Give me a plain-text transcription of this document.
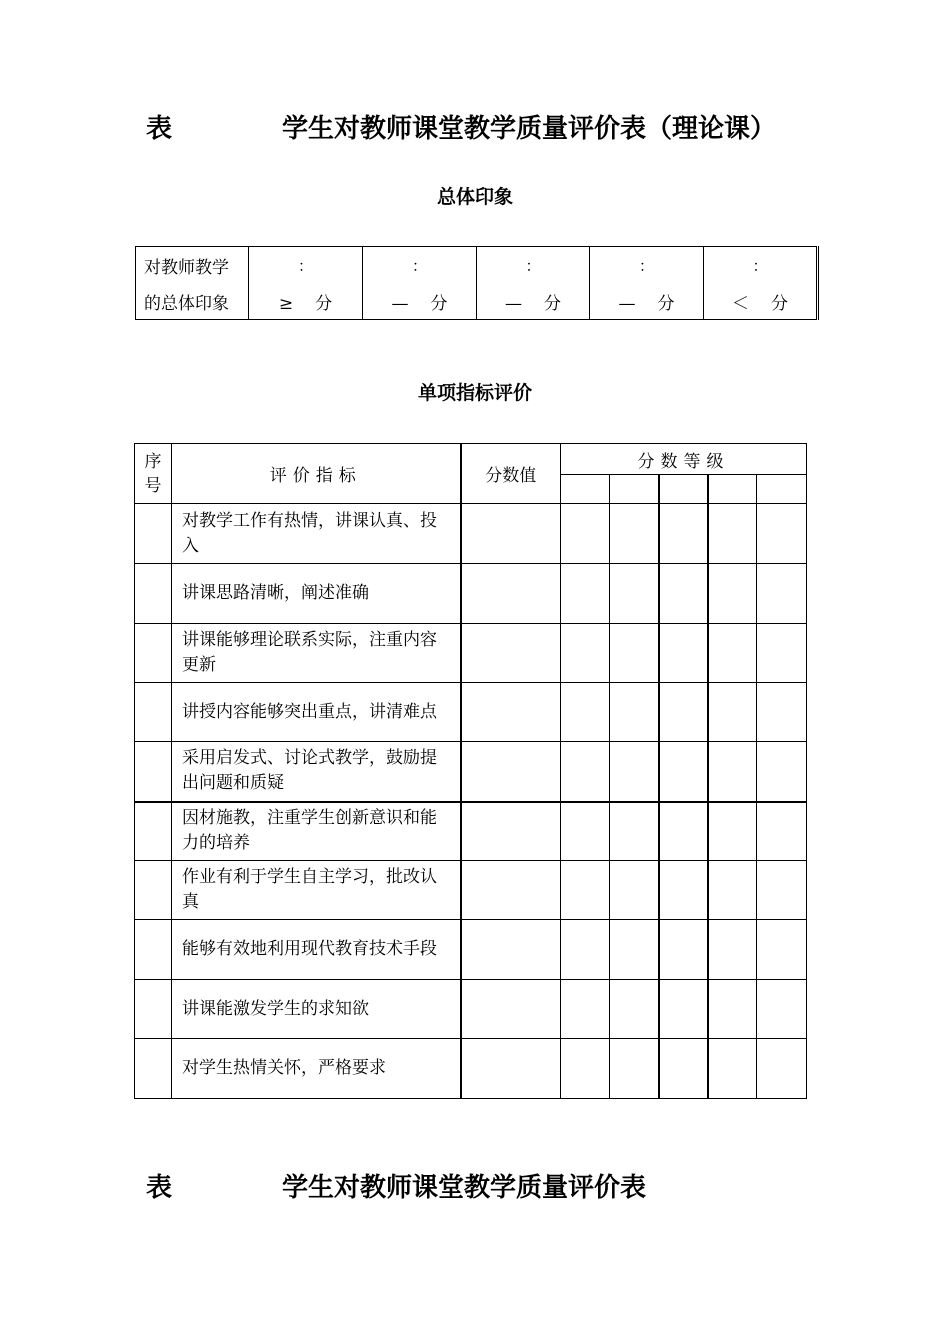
表	学生对教师课堂教学质量评价表（理论课）
总体印象
对教师教学	：	：	：	：	：
的总体印象	≥ 分	— 分	— 分	— 分	＜ 分
单项指标评价
序
号	评价指标	分数值	分数等级				

	对教学工作有热情，讲课认真、投入						
	讲课思路清晰，阐述准确						
	讲课能够理论联系实际，注重内容更新						
	讲授内容能够突出重点，讲清难点						
	采用启发式、讨论式教学，鼓励提出问题和质疑						
	因材施教，注重学生创新意识和能力的培养						
	作业有利于学生自主学习，批改认真						
	能够有效地利用现代教育技术手段						
	讲课能激发学生的求知欲						
	对学生热情关怀，严格要求						
表	学生对教师课堂教学质量评价表
